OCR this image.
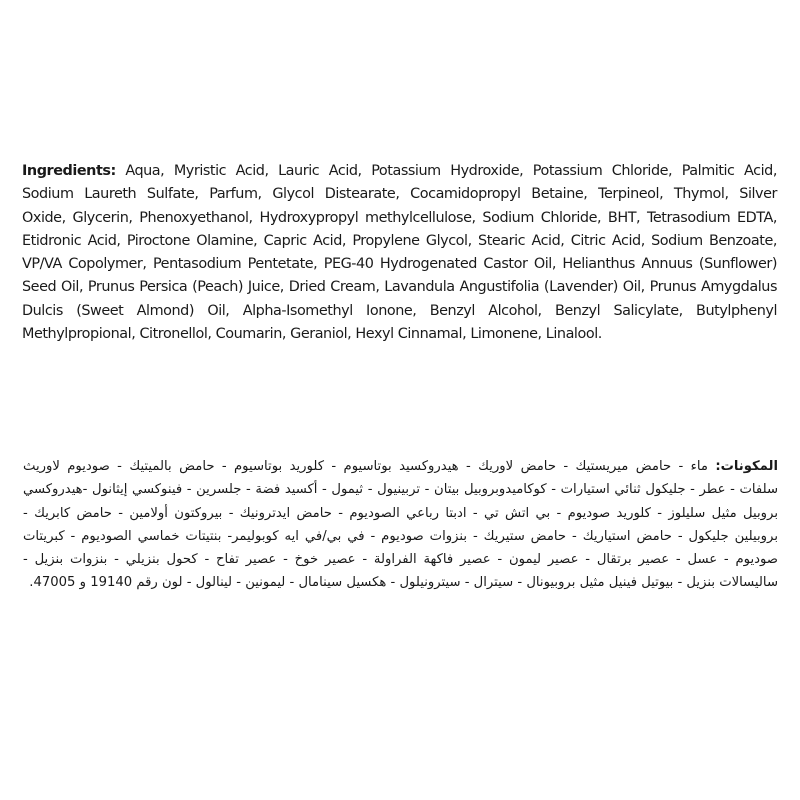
Ingredients: Aqua, Myristic Acid, Lauric Acid, Potassium Hydroxide, Potassium Chloride, Palmitic Acid,
Sodium Laureth Sulfate, Parfum, Glycol Distearate, Cocamidopropyl Betaine, Terpineol, Thymol, Silver
Oxide, Glycerin, Phenoxyethanol, Hydroxypropyl methylcellulose, Sodium Chloride, BHT, Tetrasodium EDTA,
Etidronic Acid, Piroctone Olamine, Capric Acid, Propylene Glycol, Stearic Acid, Citric Acid, Sodium Benzoate,
VP/VA Copolymer, Pentasodium Pentetate, PEG-40 Hydrogenated Castor Oil, Helianthus Annuus (Sunflower)
Seed Oil, Prunus Persica (Peach) Juice, Dried Cream, Lavandula Angustifolia (Lavender) Oil, Prunus Amygdalus
Dulcis (Sweet Almond) Oil, Alpha-Isomethyl Ionone, Benzyl Alcohol, Benzyl Salicylate, Butylphenyl
Methylpropional, Citronellol, Coumarin, Geraniol, Hexyl Cinnamal, Limonene, Linalool.
المكونات: ماء - حامض ميريستيك - حامض لاوريك - هيدروكسيد بوتاسيوم - كلوريد بوتاسيوم - حامض بالميتيك - صوديوم لاوريث
سلفات - عطر - جليكول ثنائي استيارات - كوكاميدوبروبيل بيتان - تربينيول - ثيمول - أكسيد فضة - جلسرين - فينوكسي إيثانول -هيدروكسي
بروبيل مثيل سليلوز - كلوريد صوديوم - بي اتش تي - ادبتا رباعي الصوديوم - حامض ايدترونيك - بيروكتون أولامين - حامض كابريك -
بروبيلين جليكول - حامض استياريك - حامض ستيريك - بنزوات صوديوم - في بي/في ايه كوبوليمر- بنتيتات خماسي الصوديوم - كبريتات
صوديوم - عسل - عصير برتقال - عصير ليمون - عصير فاكهة الفراولة - عصير خوخ - عصير تفاح - كحول بنزيلي - بنزوات بنزيل -
ساليسالات بنزيل - بيوتيل فينيل مثيل بروبيونال - سيترال - سيترونيلول - هكسيل سينامال - ليمونين - لينالول - لون رقم 19140 و 47005.
